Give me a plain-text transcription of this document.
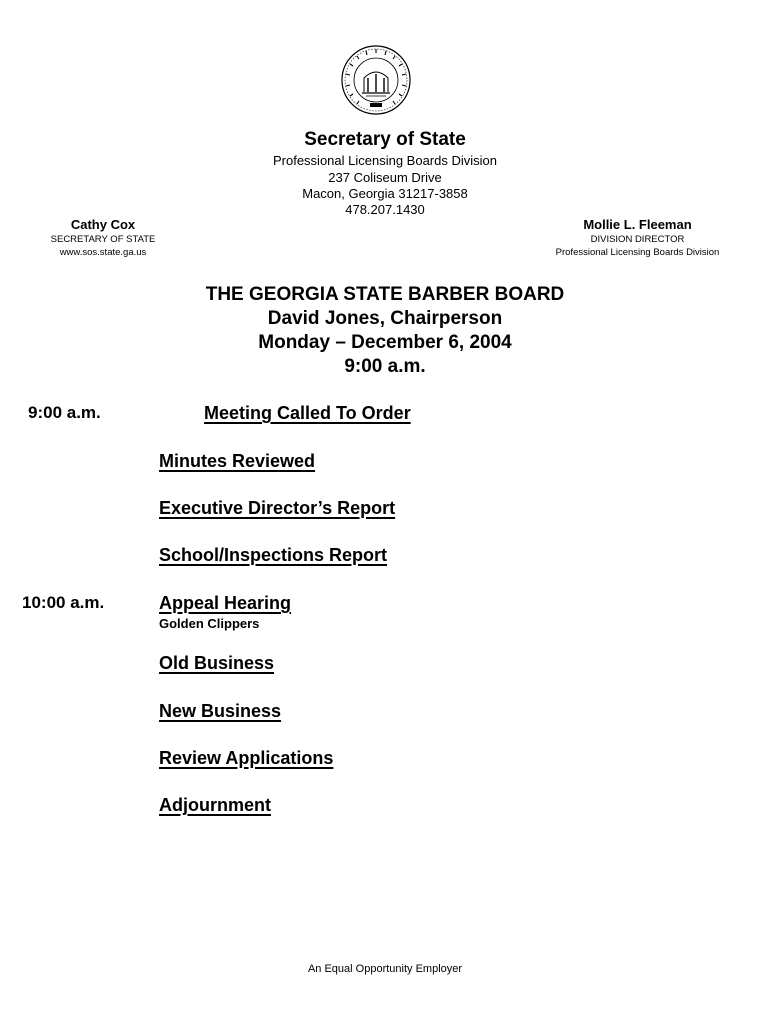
Secretary of State
Professional Licensing Boards Division
237 Coliseum Drive
Macon, Georgia 31217-3858
478.207.1430
Cathy Cox
SECRETARY OF STATE
www.sos.state.ga.us
Mollie L. Fleeman
DIVISION DIRECTOR
Professional Licensing Boards Division
THE GEORGIA STATE BARBER BOARD
David Jones, Chairperson
Monday – December 6, 2004
9:00 a.m.
9:00 a.m.	Meeting Called To Order
Minutes Reviewed
Executive Director’s Report
School/Inspections Report
10:00 a.m.	Appeal Hearing
Golden Clippers
Old Business
New Business
Review Applications
Adjournment
An Equal Opportunity Employer
